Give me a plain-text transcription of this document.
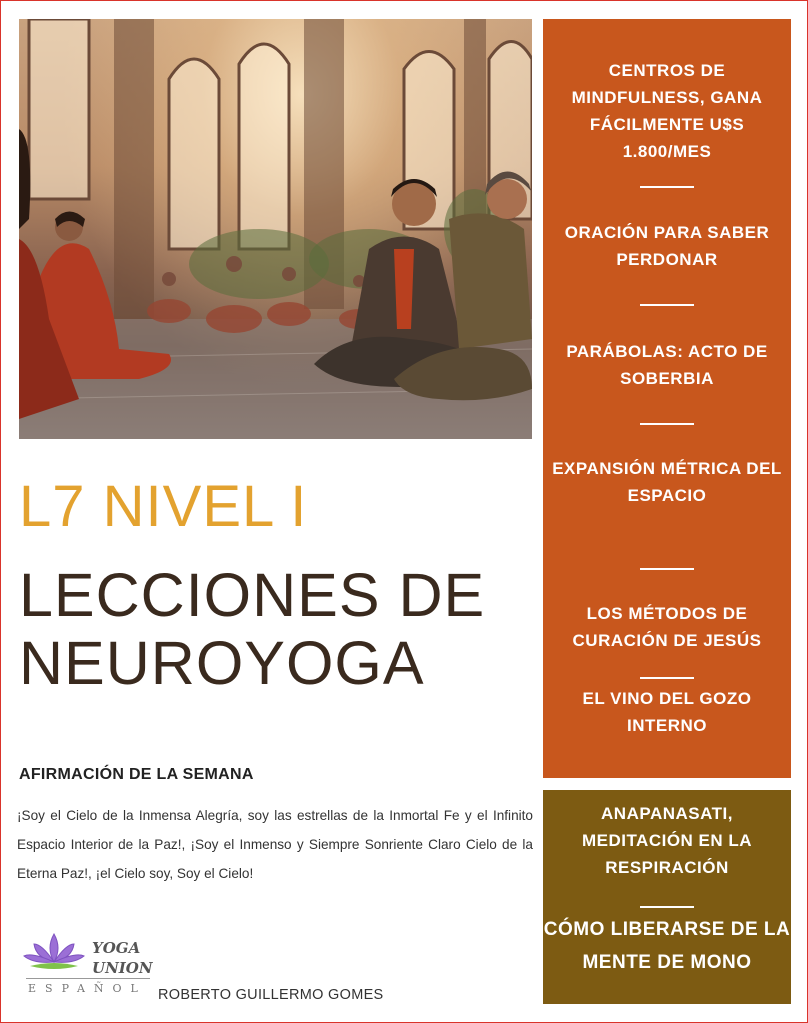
L7 NIVEL I
LECCIONES DE
NEUROYOGA
AFIRMACIÓN DE LA SEMANA

¡Soy el Cielo de la Inmensa Alegría, soy las estrellas de la Inmortal Fe y el Infinito Espacio Interior de la Paz!, ¡Soy el Inmenso y Siempre Sonriente Claro Cielo de la Eterna Paz!, ¡el Cielo soy, Soy el Cielo!

YOGA
UNION
ESPAÑOL ROBERTO GUILLERMO GOMES

CENTROS DE MINDFULNESS, GANA FÁCILMENTE U$S 1.800/MES

ORACIÓN PARA SABER PERDONAR

PARÁBOLAS: ACTO DE SOBERBIA

EXPANSIÓN MÉTRICA DEL ESPACIO

LOS MÉTODOS DE CURACIÓN DE JESÚS

EL VINO DEL GOZO INTERNO

ANAPANASATI, MEDITACIÓN EN LA RESPIRACIÓN

CÓMO LIBERARSE DE LA MENTE DE MONO
